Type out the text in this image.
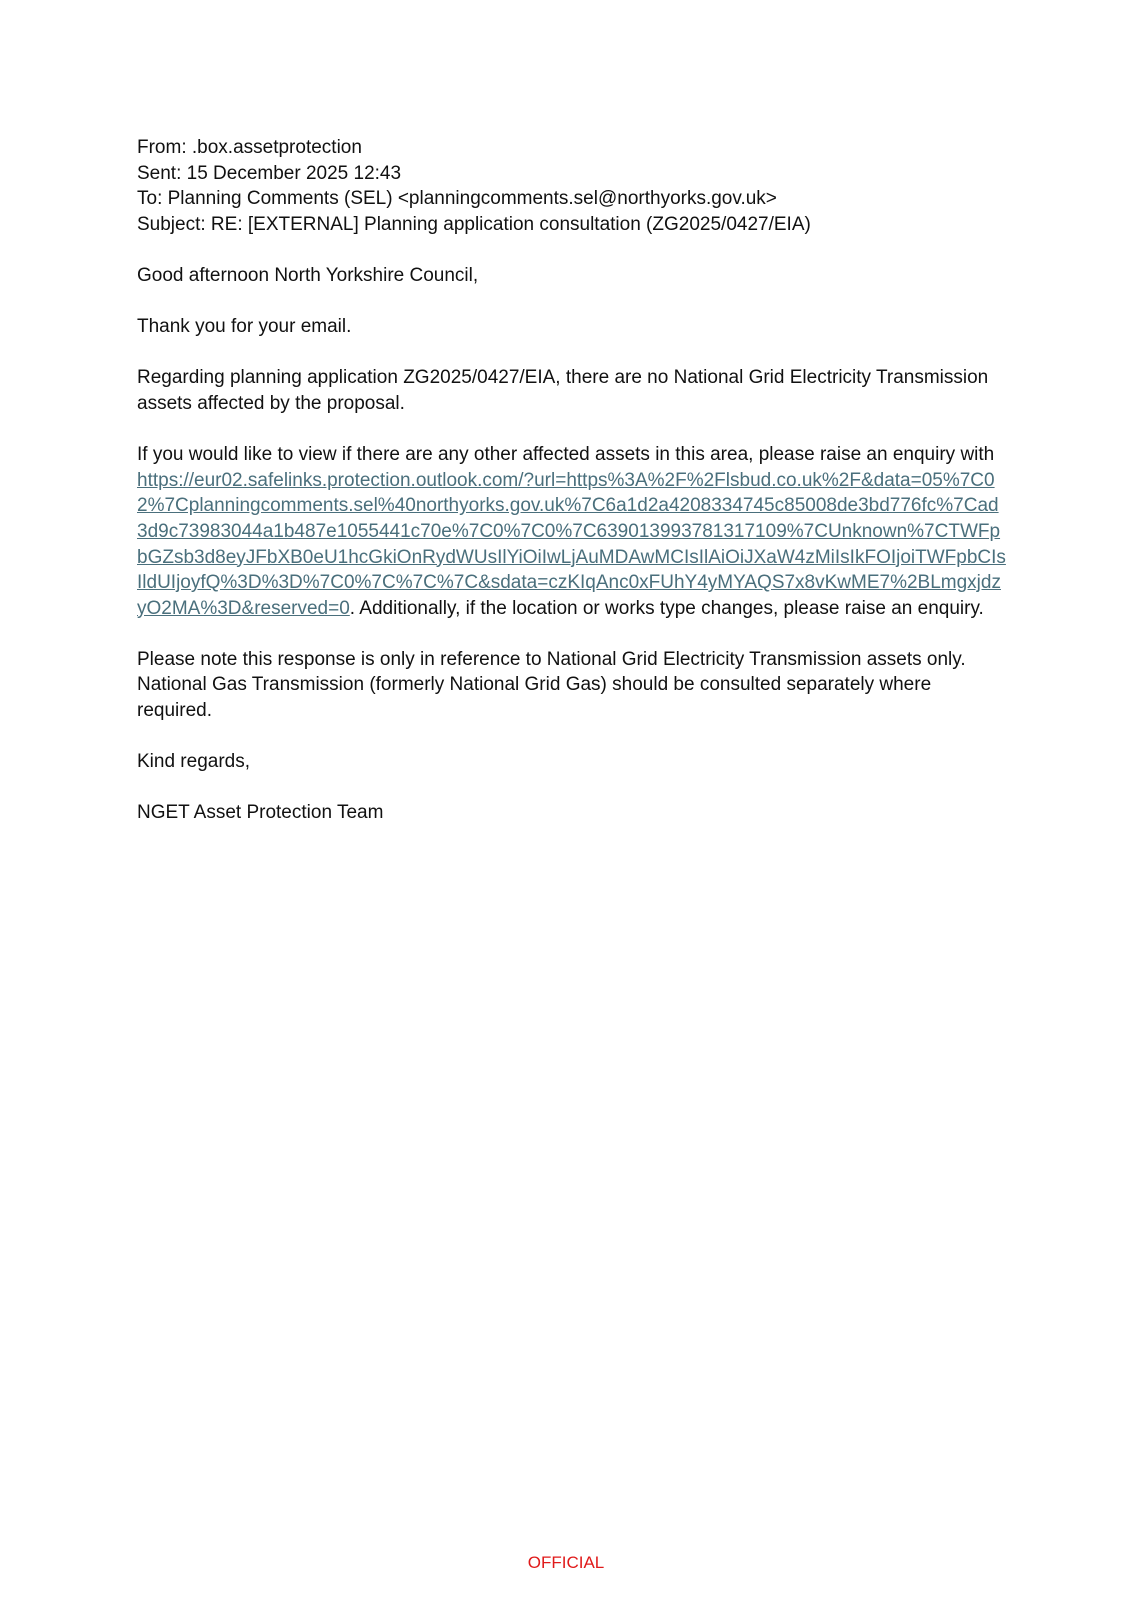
From: .box.assetprotection
Sent: 15 December 2025 12:43
To: Planning Comments (SEL) <planningcomments.sel@northyorks.gov.uk>
Subject: RE: [EXTERNAL] Planning application consultation (ZG2025/0427/EIA)

Good afternoon North Yorkshire Council,

Thank you for your email.

Regarding planning application ZG2025/0427/EIA, there are no National Grid Electricity Transmission assets affected by the proposal.

If you would like to view if there are any other affected assets in this area, please raise an enquiry with
https://eur02.safelinks.protection.outlook.com/?url=https%3A%2F%2Flsbud.co.uk%2F&data=05%7C02%7Cplanningcomments.sel%40northyorks.gov.uk%7C6a1d2a4208334745c85008de3bd776fc%7Cad3d9c73983044a1b487e1055441c70e%7C0%7C0%7C639013993781317109%7CUnknown%7CTWFpbGZsb3d8eyJFbXB0eU1hcGkiOnRydWUsIlYiOiIwLjAuMDAwMCIsIlAiOiJXaW4zMiIsIkFOIjoiTWFpbCIsIldUIjoyfQ%3D%3D%7C0%7C%7C%7C&sdata=czKIqAnc0xFUhY4yMYAQS7x8vKwME7%2BLmgxjdzyO2MA%3D&reserved=0. Additionally, if the location or works type changes, please raise an enquiry.

Please note this response is only in reference to National Grid Electricity Transmission assets only. National Gas Transmission (formerly National Grid Gas) should be consulted separately where required.

Kind regards,

NGET Asset Protection Team

OFFICIAL
